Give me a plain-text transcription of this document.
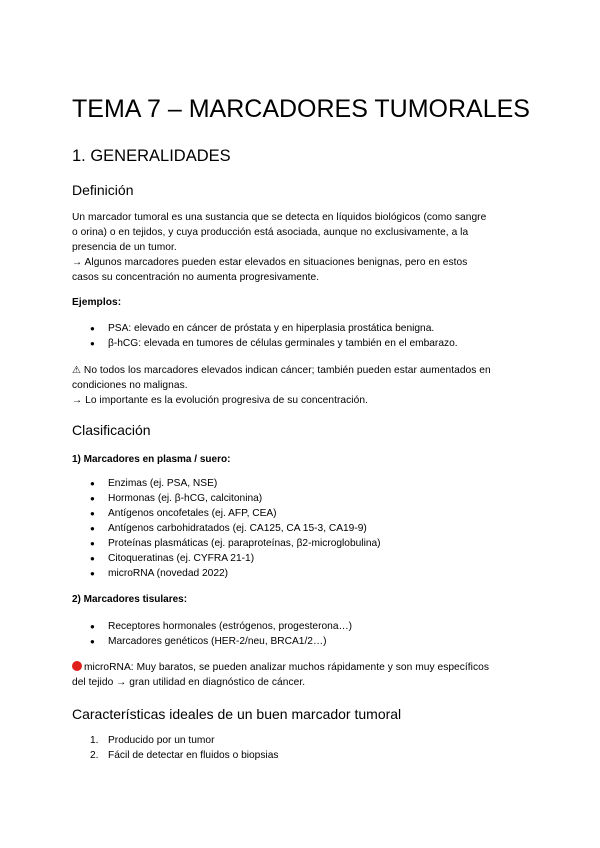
TEMA 7 – MARCADORES TUMORALES
1. GENERALIDADES
Definición
Un marcador tumoral es una sustancia que se detecta en líquidos biológicos (como sangre
o orina) o en tejidos, y cuya producción está asociada, aunque no exclusivamente, a la
presencia de un tumor.
→ Algunos marcadores pueden estar elevados en situaciones benignas, pero en estos
casos su concentración no aumenta progresivamente.
Ejemplos:
● PSA: elevado en cáncer de próstata y en hiperplasia prostática benigna.
● β-hCG: elevada en tumores de células germinales y también en el embarazo.
⚠ No todos los marcadores elevados indican cáncer; también pueden estar aumentados en
condiciones no malignas.
→ Lo importante es la evolución progresiva de su concentración.
Clasificación
1) Marcadores en plasma / suero:
● Enzimas (ej. PSA, NSE)
● Hormonas (ej. β-hCG, calcitonina)
● Antígenos oncofetales (ej. AFP, CEA)
● Antígenos carbohidratados (ej. CA125, CA 15-3, CA19-9)
● Proteínas plasmáticas (ej. paraproteínas, β2-microglobulina)
● Citoqueratinas (ej. CYFRA 21-1)
● microRNA (novedad 2022)
2) Marcadores tisulares:
● Receptores hormonales (estrógenos, progesterona…)
● Marcadores genéticos (HER-2/neu, BRCA1/2…)
microRNA: Muy baratos, se pueden analizar muchos rápidamente y son muy específicos
del tejido → gran utilidad en diagnóstico de cáncer.
Características ideales de un buen marcador tumoral
1. Producido por un tumor
2. Fácil de detectar en fluidos o biopsias
